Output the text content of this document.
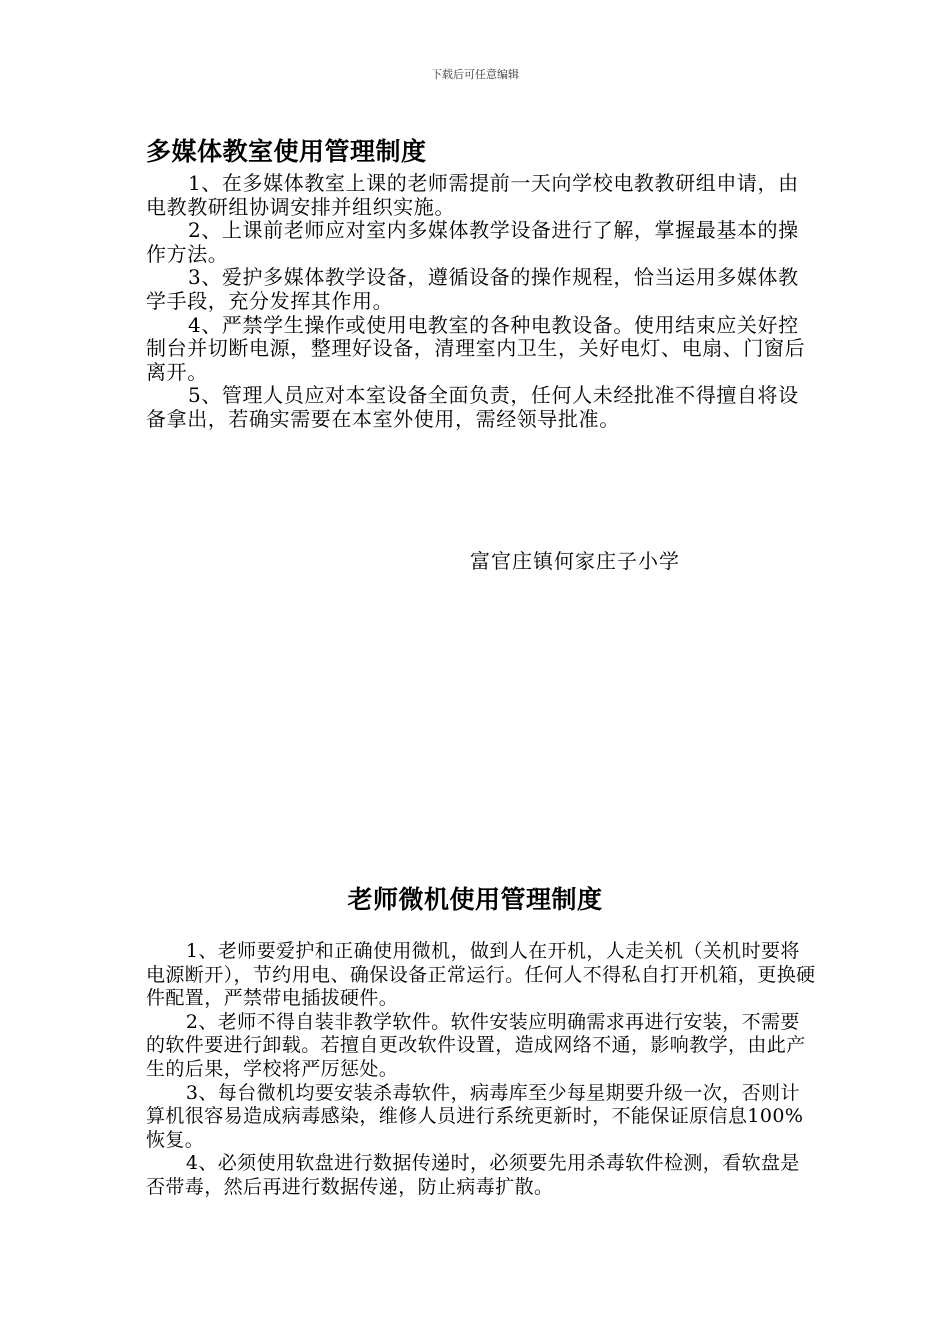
下载后可任意编辑
多媒体教室使用管理制度

1、在多媒体教室上课的老师需提前一天向学校电教教研组申请，由电教教研组协调安排并组织实施。

2、上课前老师应对室内多媒体教学设备进行了解，掌握最基本的操作方法。

3、爱护多媒体教学设备，遵循设备的操作规程，恰当运用多媒体教学手段，充分发挥其作用。

4、严禁学生操作或使用电教室的各种电教设备。使用结束应关好控制台并切断电源，整理好设备，清理室内卫生，关好电灯、电扇、门窗后离开。

5、管理人员应对本室设备全面负责，任何人未经批准不得擅自将设备拿出，若确实需要在本室外使用，需经领导批准。

富官庄镇何家庄子小学
老师微机使用管理制度

1、老师要爱护和正确使用微机，做到人在开机，人走关机（关机时要将电源断开），节约用电、确保设备正常运行。任何人不得私自打开机箱，更换硬件配置，严禁带电插拔硬件。

2、老师不得自装非教学软件。软件安装应明确需求再进行安装，不需要的软件要进行卸载。若擅自更改软件设置，造成网络不通，影响教学，由此产生的后果，学校将严厉惩处。

3、每台微机均要安装杀毒软件，病毒库至少每星期要升级一次，否则计算机很容易造成病毒感染，维修人员进行系统更新时，不能保证原信息100%恢复。

4、必须使用软盘进行数据传递时，必须要先用杀毒软件检测，看软盘是否带毒，然后再进行数据传递，防止病毒扩散。
